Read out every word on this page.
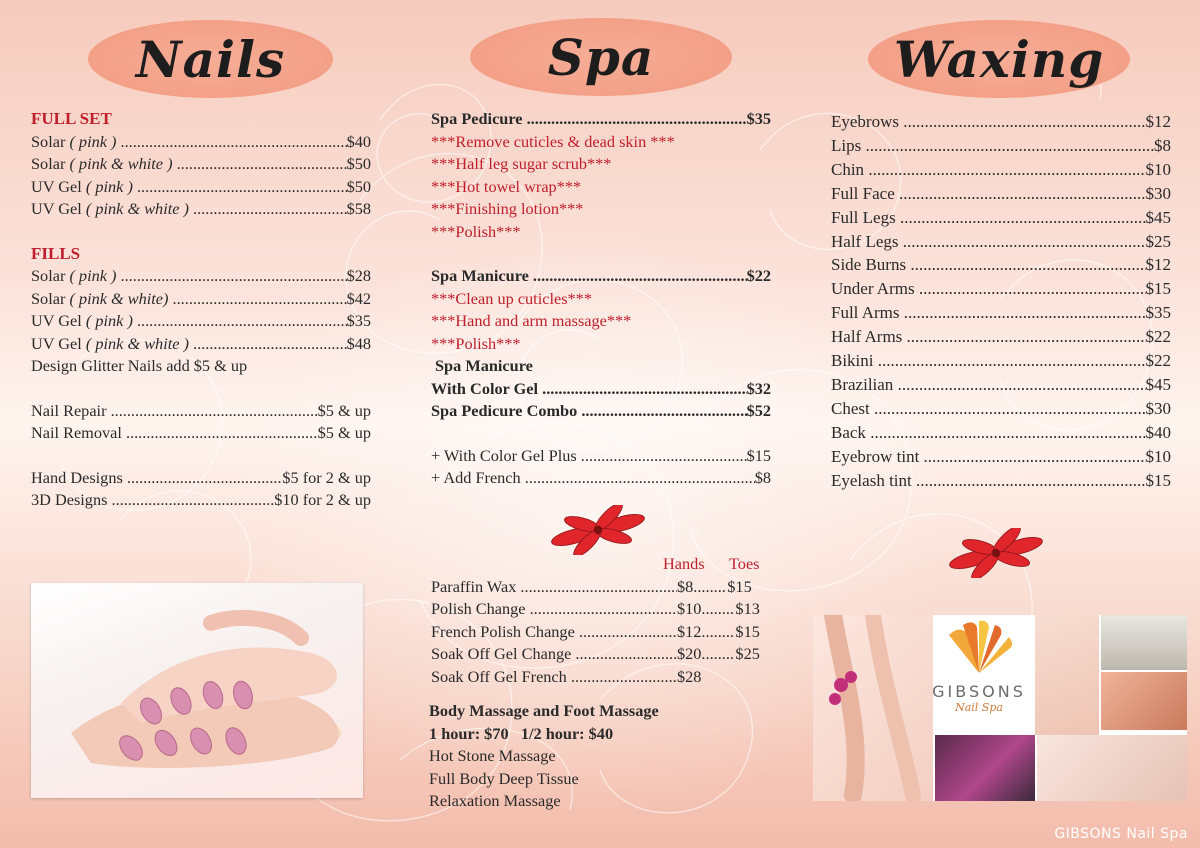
Nails	Spa	Waxing
FULL SET
Solar ( pink ) .....	$40
Solar ( pink & white ) .....	$50
UV Gel ( pink ) .....	$50
UV Gel ( pink & white ) .....	$58
FILLS
Solar ( pink ) .....	$28
Solar ( pink & white) .....	$42
UV Gel ( pink ) .....	$35
UV Gel ( pink & white ) .....	$48
Design Glitter Nails add $5 & up
Nail Repair .....	$5 & up
Nail Removal .....	$5 & up
Hand Designs .....	$5 for 2 & up
3D Designs .....	$10 for 2 & up
Spa Pedicure .....	$35
***Remove cuticles & dead skin ***
***Half leg sugar scrub***
***Hot towel wrap***
***Finishing lotion***
***Polish***
Spa Manicure .....	$22
***Clean up cuticles***
***Hand and arm massage***
***Polish***
Spa Manicure
With Color Gel .....	$32
Spa Pedicure Combo .....	$52
+ With Color Gel Plus .....	$15
+ Add French .....	$8
Hands	Toes
Paraffin Wax .....	$8 ..... $15
Polish Change .....	$10 ..... $13
French Polish Change .....	$12 ..... $15
Soak Off Gel Change .....	$20 ..... $25
Soak Off Gel French .....	$28
Body Massage and Foot Massage
1 hour: $70   1/2 hour: $40
Hot Stone Massage
Full Body Deep Tissue
Relaxation Massage
Eyebrows .....	$12
Lips .....	$8
Chin .....	$10
Full Face .....	$30
Full Legs .....	$45
Half Legs .....	$25
Side Burns .....	$12
Under Arms .....	$15
Full Arms .....	$35
Half Arms .....	$22
Bikini .....	$22
Brazilian .....	$45
Chest .....	$30
Back .....	$40
Eyebrow tint .....	$10
Eyelash tint .....	$15
GIBSONS
Nail Spa
GIBSONS Nail Spa
